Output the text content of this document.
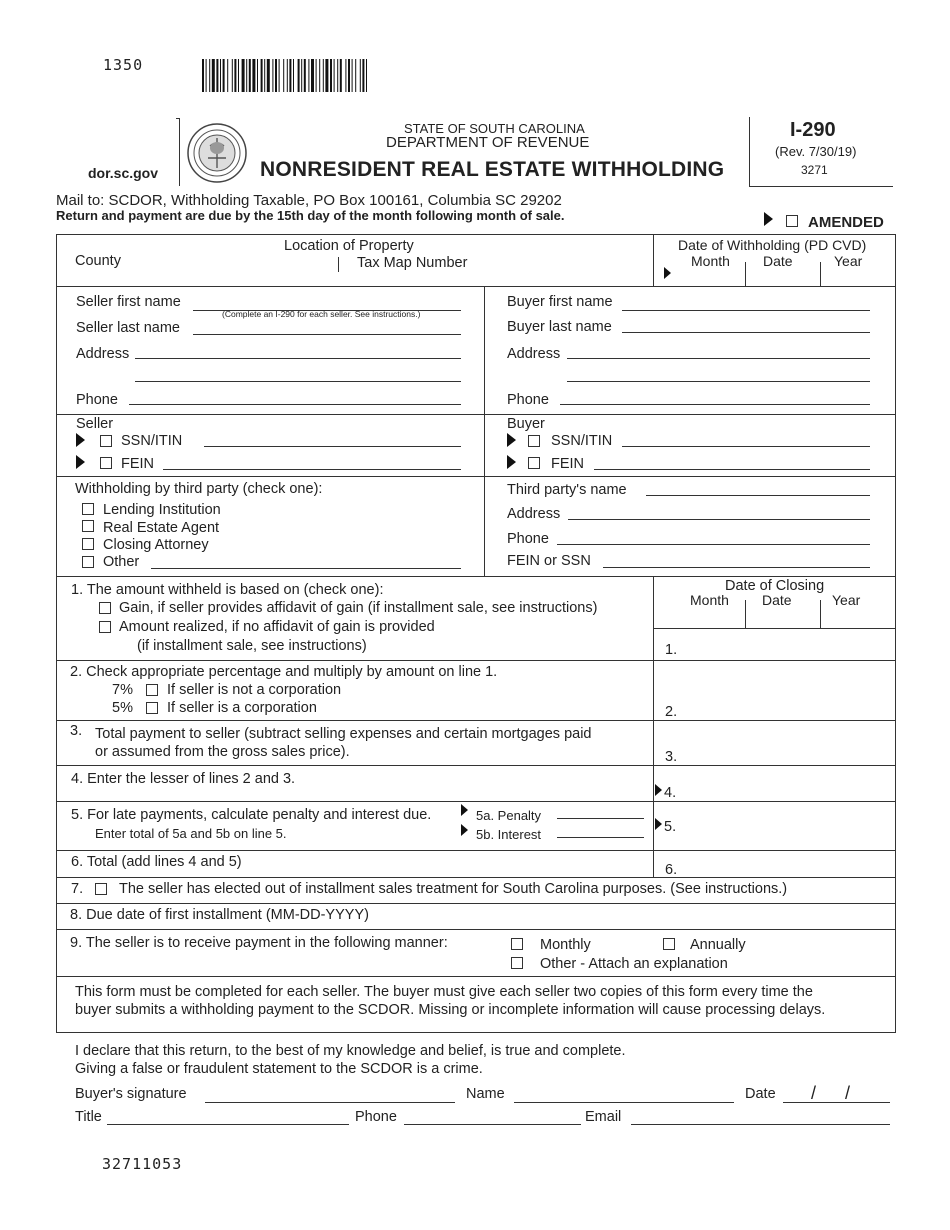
1350
dor.sc.gov
STATE OF SOUTH CAROLINA
DEPARTMENT OF REVENUE
NONRESIDENT REAL ESTATE WITHHOLDING
I-290
(Rev. 7/30/19)
3271
Mail to: SCDOR, Withholding Taxable, PO Box 100161, Columbia SC 29202
Return and payment are due by the 15th day of the month following month of sale.	AMENDED
Location of Property
County	Tax Map Number
Date of Withholding (PD CVD)
Month Date	Year
Seller first name
(Complete an I-290 for each seller. See instructions.)
Seller last name
Address
Phone
Buyer first name
Buyer last name
Address
Phone
Seller
SSN/ITIN
FEIN
Buyer
SSN/ITIN
FEIN
Withholding by third party (check one):
Lending Institution
Real Estate Agent
Closing Attorney
Other
Third party's name
Address
Phone
FEIN or SSN
1. The amount withheld is based on (check one):
Gain, if seller provides affidavit of gain (if installment sale, see instructions)
Amount realized, if no affidavit of gain is provided
(if installment sale, see instructions)
Date of Closing
Month Date	Year
1.
2. Check appropriate percentage and multiply by amount on line 1.
7% If seller is not a corporation
5% If seller is a corporation	2.
3. Total payment to seller (subtract selling expenses and certain mortgages paid
or assumed from the gross sales price).	3.
4. Enter the lesser of lines 2 and 3.
4.
5. For late payments, calculate penalty and interest due.
Enter total of 5a and 5b on line 5.
5a. Penalty
5b. Interest	5.
6. Total (add lines 4 and 5)	6.
7. The seller has elected out of installment sales treatment for South Carolina purposes. (See instructions.)
8. Due date of first installment (MM-DD-YYYY)
9. The seller is to receive payment in the following manner:	Monthly	Annually
Other - Attach an explanation
This form must be completed for each seller. The buyer must give each seller two copies of this form every time the
buyer submits a withholding payment to the SCDOR. Missing or incomplete information will cause processing delays.
I declare that this return, to the best of my knowledge and belief, is true and complete.
Giving a false or fraudulent statement to the SCDOR is a crime.
Buyer's signature	Name	Date / /
Title	Phone	Email
32711053
